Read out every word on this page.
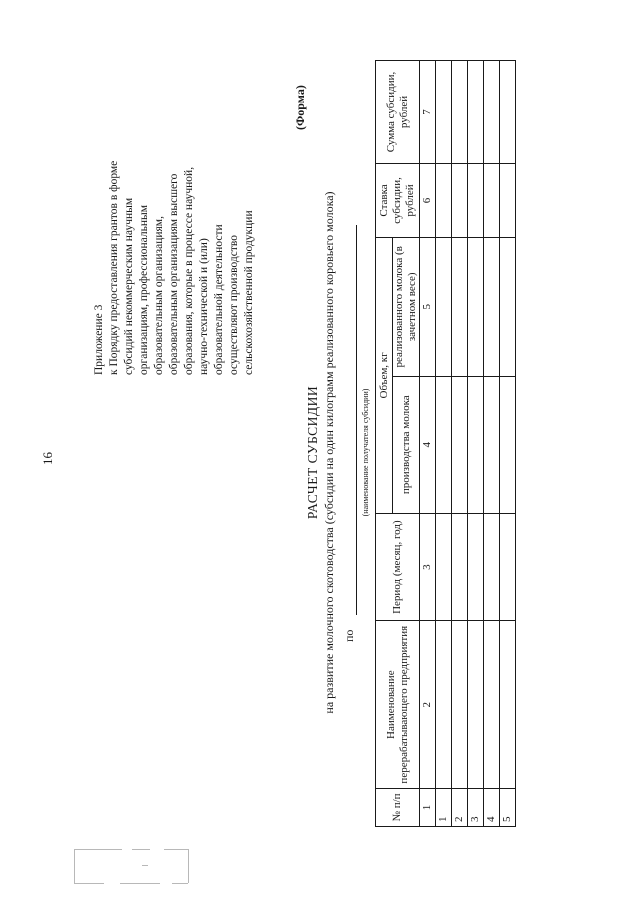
16
Приложение 3 к Порядку предоставления грантов в форме субсидий некоммерческим научным организациям, профессиональным образовательным организациям, образовательным организациям высшего образования, которые в процессе научной, научно-технической и (или) образовательной деятельности осуществляют производство сельскохозяйственной продукции
(Форма)
РАСЧЕТ СУБСИДИИ на развитие молочного скотоводства (субсидии на один килограмм реализованного коровьего молока) по
(наименование получателя субсидии)
№ п/п	Наименование перерабатывающего предприятия	Период (месяц, год)	Объем, кг		Ставка субсидии, рублей	Сумма субсидии, рублей
			производства молока	реализованного молока (в зачетном весе)		
1	2	3	4	5	6	7
1						
2						
3						
4						
5						
